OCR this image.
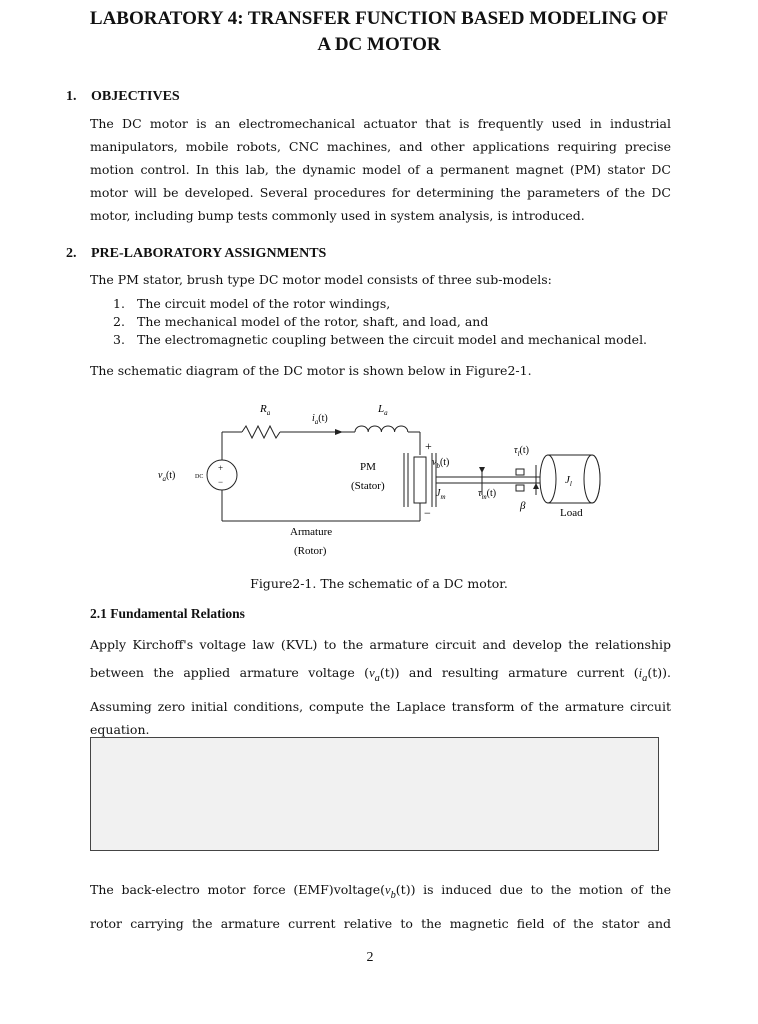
LABORATORY 4: TRANSFER FUNCTION BASED MODELING OF
A DC MOTOR
1. OBJECTIVES
The DC motor is an electromechanical actuator that is frequently used in industrial
manipulators, mobile robots, CNC machines, and other applications requiring precise
motion control. In this lab, the dynamic model of a permanent magnet (PM) stator DC
motor will be developed. Several procedures for determining the parameters of the DC
motor, including bump tests commonly used in system analysis, is introduced.
2. PRE-LABORATORY ASSIGNMENTS
The PM stator, brush type DC motor model consists of three sub-models:
1. The circuit model of the rotor windings,
2. The mechanical model of the rotor, shaft, and load, and
3. The electromagnetic coupling between the circuit model and mechanical model.
The schematic diagram of the DC motor is shown below in Figure2-1.
$R_a$	$i_a(t)$
$L_a$
+
−
DC
$v_a(t)$
PM
(Stator)
+
−
$v_b(t)$
$J_m$	$\tau_m(t)$
$\tau_l(t)$
β
$J_l$
Load
Armature
(Rotor)
Figure2-1. The schematic of a DC motor.
2.1 Fundamental Relations
Apply Kirchoff's voltage law (KVL) to the armature circuit and develop the relationship
between the applied armature voltage $(v_a(t))$ and resulting armature current $(i_a(t))$.
Assuming zero initial conditions, compute the Laplace transform of the armature circuit
equation.
The back-electro motor force $(EMF)voltage(v_b(t))$ is induced due to the motion of the
rotor carrying the armature current relative to the magnetic field of the stator and
2
